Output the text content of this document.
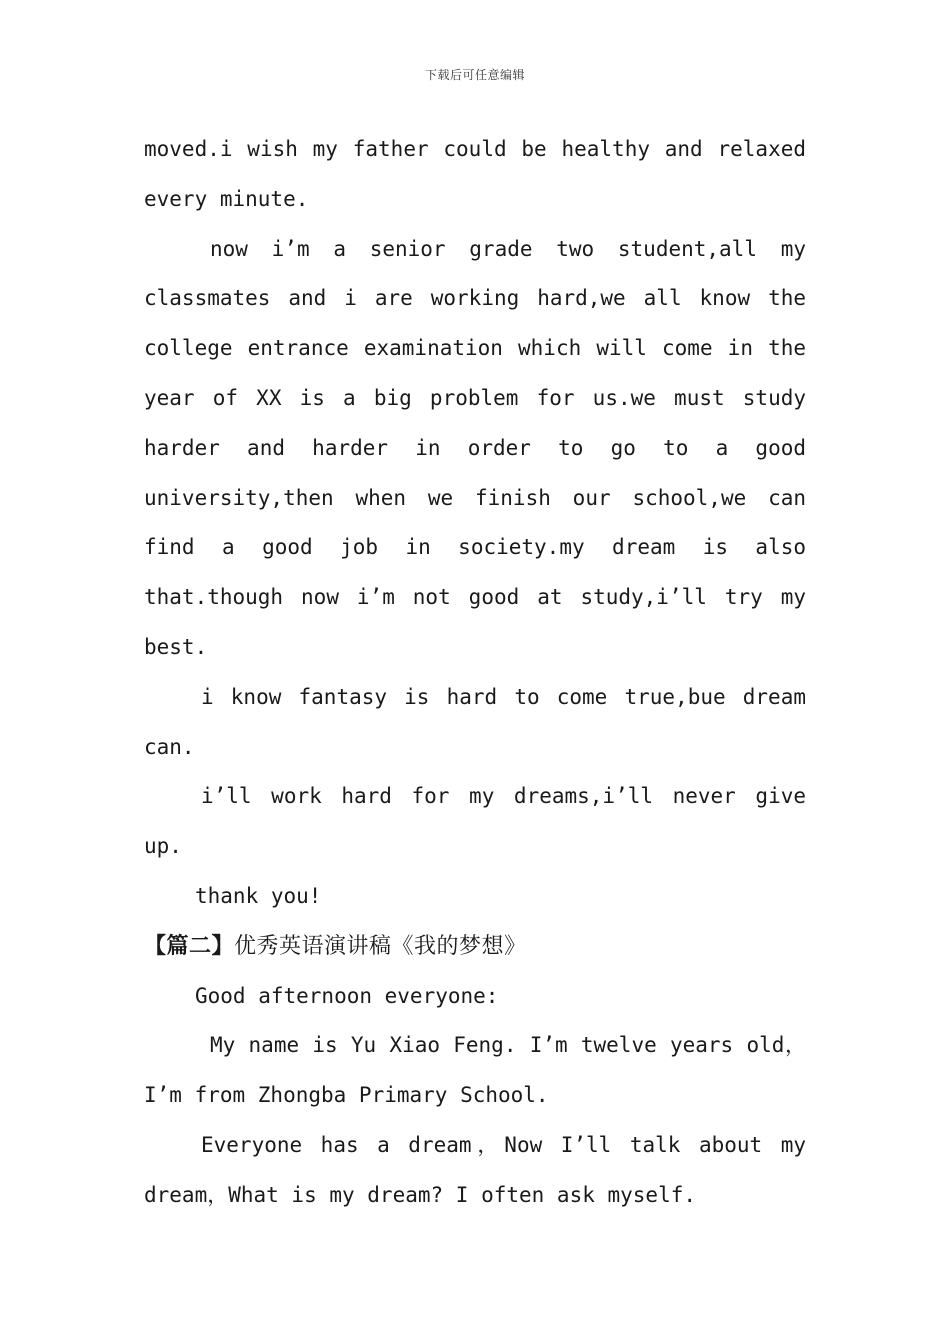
下载后可任意编辑

moved.i wish my father could be healthy and relaxed every minute.

now i’m a senior grade two student,all my classmates and i are working hard,we all know the college entrance examination which will come in the year of XX is a big problem for us.we must study harder and harder in order to go to a good university,then when we finish our school,we can find a good job in society.my dream is also that.though now i’m not good at study,i’ll try my best.

i know fantasy is hard to come true,bue dream can.

i’ll work hard for my dreams,i’ll never give up.

thank you!

【篇二】优秀英语演讲稿《我的梦想》

Good afternoon everyone:

My name is Yu Xiao Feng. I’m twelve years old，I’m from Zhongba Primary School.

Everyone has a dream，Now I’ll talk about my dream，What is my dream? I often ask myself.
